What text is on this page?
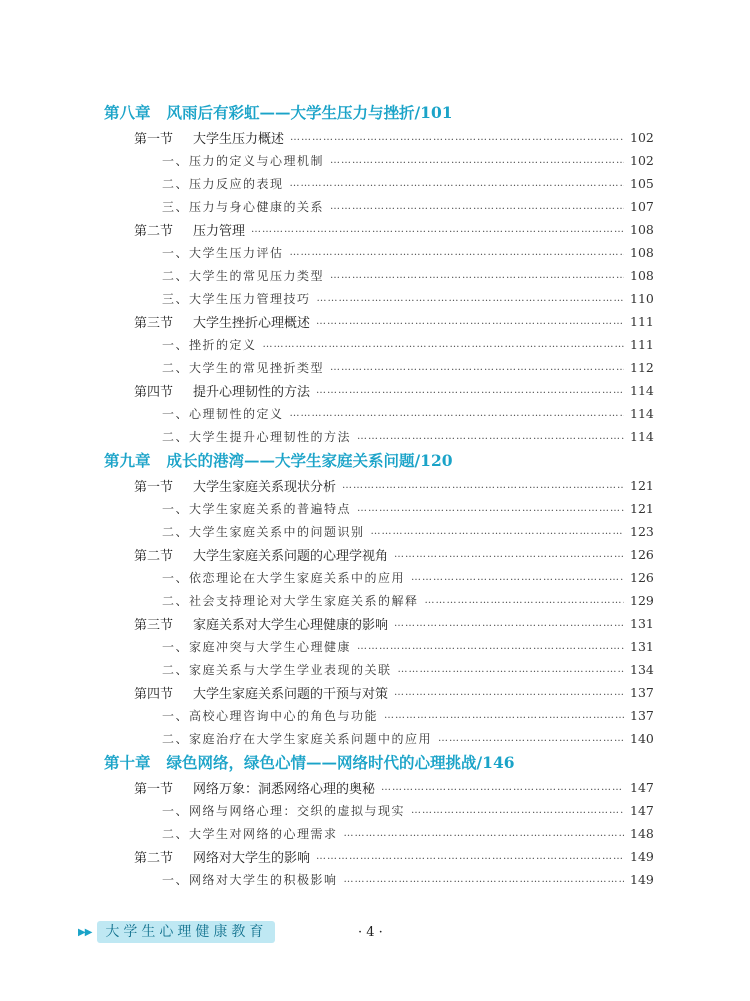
第八章 风雨后有彩虹——大学生压力与挫折/101
第一节 大学生压力概述 …………………………………………………………………………………………………………………………………………	102
一、压力的定义与心理机制 …………………………………………………………………………………………………………………………………………	102
二、压力反应的表现 …………………………………………………………………………………………………………………………………………	105
三、压力与身心健康的关系 …………………………………………………………………………………………………………………………………………	107
第二节 压力管理 …………………………………………………………………………………………………………………………………………	108
一、大学生压力评估 …………………………………………………………………………………………………………………………………………	108
二、大学生的常见压力类型 …………………………………………………………………………………………………………………………………………	108
三、大学生压力管理技巧 …………………………………………………………………………………………………………………………………………	110
第三节 大学生挫折心理概述 …………………………………………………………………………………………………………………………………………	111
一、挫折的定义 …………………………………………………………………………………………………………………………………………	111
二、大学生的常见挫折类型 …………………………………………………………………………………………………………………………………………	112
第四节 提升心理韧性的方法 …………………………………………………………………………………………………………………………………………	114
一、心理韧性的定义 …………………………………………………………………………………………………………………………………………	114
二、大学生提升心理韧性的方法 …………………………………………………………………………………………………………………………………………	114
第九章 成长的港湾——大学生家庭关系问题/120
第一节 大学生家庭关系现状分析 …………………………………………………………………………………………………………………………………………	121
一、大学生家庭关系的普遍特点 …………………………………………………………………………………………………………………………………………	121
二、大学生家庭关系中的问题识别 …………………………………………………………………………………………………………………………………………	123
第二节 大学生家庭关系问题的心理学视角 …………………………………………………………………………………………………………………………………………	126
一、依恋理论在大学生家庭关系中的应用 …………………………………………………………………………………………………………………………………………	126
二、社会支持理论对大学生家庭关系的解释 …………………………………………………………………………………………………………………………………………	129
第三节 家庭关系对大学生心理健康的影响 …………………………………………………………………………………………………………………………………………	131
一、家庭冲突与大学生心理健康 …………………………………………………………………………………………………………………………………………	131
二、家庭关系与大学生学业表现的关联 …………………………………………………………………………………………………………………………………………	134
第四节 大学生家庭关系问题的干预与对策 …………………………………………………………………………………………………………………………………………	137
一、高校心理咨询中心的角色与功能 …………………………………………………………………………………………………………………………………………	137
二、家庭治疗在大学生家庭关系问题中的应用 …………………………………………………………………………………………………………………………………………	140
第十章 绿色网络，绿色心情——网络时代的心理挑战/146
第一节 网络万象：洞悉网络心理的奥秘 …………………………………………………………………………………………………………………………………………	147
一、网络与网络心理：交织的虚拟与现实 …………………………………………………………………………………………………………………………………………	147
二、大学生对网络的心理需求 …………………………………………………………………………………………………………………………………………	148
第二节 网络对大学生的影响 …………………………………………………………………………………………………………………………………………	149
一、网络对大学生的积极影响 …………………………………………………………………………………………………………………………………………	149
▶▶	大学生心理健康教育	· 4 ·
